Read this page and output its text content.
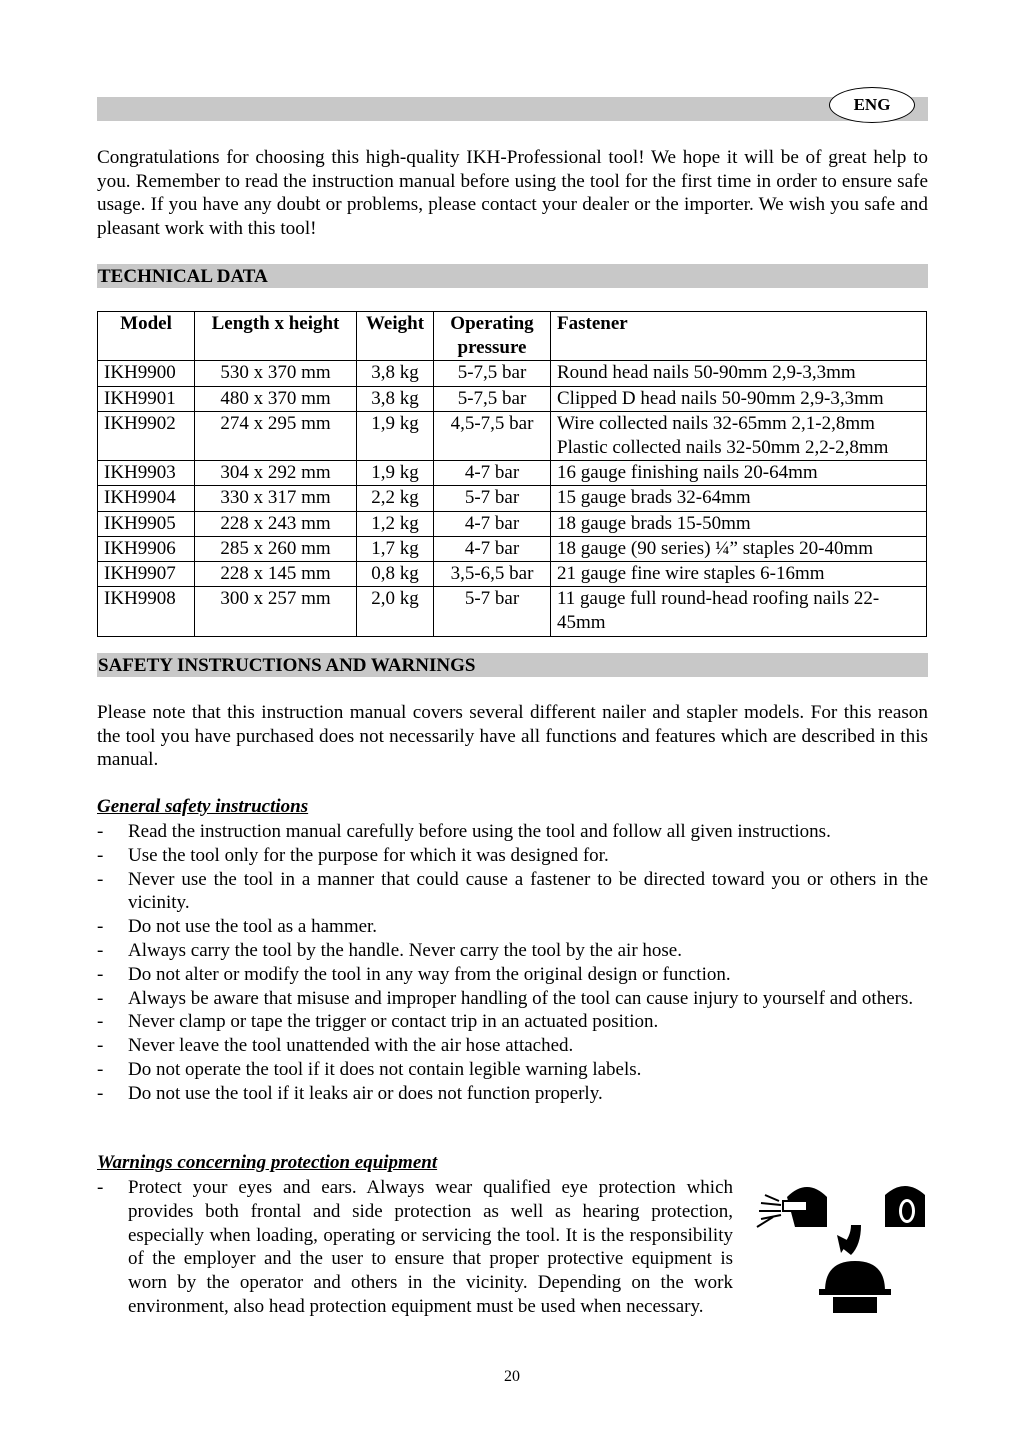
ENG

Congratulations for choosing this high-quality IKH-Professional tool! We hope it will be of great help to you. Remember to read the instruction manual before using the tool for the first time in order to ensure safe usage. If you have any doubt or problems, please contact your dealer or the importer. We wish you safe and pleasant work with this tool!

TECHNICAL DATA
Model	Length x height	Weight	Operating pressure	Fastener
IKH9900	530 x 370 mm	3,8 kg	5-7,5 bar	Round head nails 50-90mm 2,9-3,3mm
IKH9901	480 x 370 mm	3,8 kg	5-7,5 bar	Clipped D head nails 50-90mm 2,9-3,3mm
IKH9902	274 x 295 mm	1,9 kg	4,5-7,5 bar	Wire collected nails 32-65mm 2,1-2,8mm Plastic collected nails 32-50mm 2,2-2,8mm
IKH9903	304 x 292 mm	1,9 kg	4-7 bar	16 gauge finishing nails 20-64mm
IKH9904	330 x 317 mm	2,2 kg	5-7 bar	15 gauge brads 32-64mm
IKH9905	228 x 243 mm	1,2 kg	4-7 bar	18 gauge brads 15-50mm
IKH9906	285 x 260 mm	1,7 kg	4-7 bar	18 gauge (90 series) ¼” staples 20-40mm
IKH9907	228 x 145 mm	0,8 kg	3,5-6,5 bar	21 gauge fine wire staples 6-16mm
IKH9908	300 x 257 mm	2,0 kg	5-7 bar	11 gauge full round-head roofing nails 22-45mm
SAFETY INSTRUCTIONS AND WARNINGS

Please note that this instruction manual covers several different nailer and stapler models. For this reason the tool you have purchased does not necessarily have all functions and features which are described in this manual.

General safety instructions
- Read the instruction manual carefully before using the tool and follow all given instructions.
- Use the tool only for the purpose for which it was designed for.
- Never use the tool in a manner that could cause a fastener to be directed toward you or others in the vicinity.
- Do not use the tool as a hammer.
- Always carry the tool by the handle. Never carry the tool by the air hose.
- Do not alter or modify the tool in any way from the original design or function.
- Always be aware that misuse and improper handling of the tool can cause injury to yourself and others.
- Never clamp or tape the trigger or contact trip in an actuated position.
- Never leave the tool unattended with the air hose attached.
- Do not operate the tool if it does not contain legible warning labels.
- Do not use the tool if it leaks air or does not function properly.
Warnings concerning protection equipment
- Protect your eyes and ears. Always wear qualified eye protection which provides both frontal and side protection as well as hearing protection, especially when loading, operating or servicing the tool. It is the responsibility of the employer and the user to ensure that proper protective equipment is worn by the operator and others in the vicinity. Depending on the work environment, also head protection equipment must be used when necessary.
20
